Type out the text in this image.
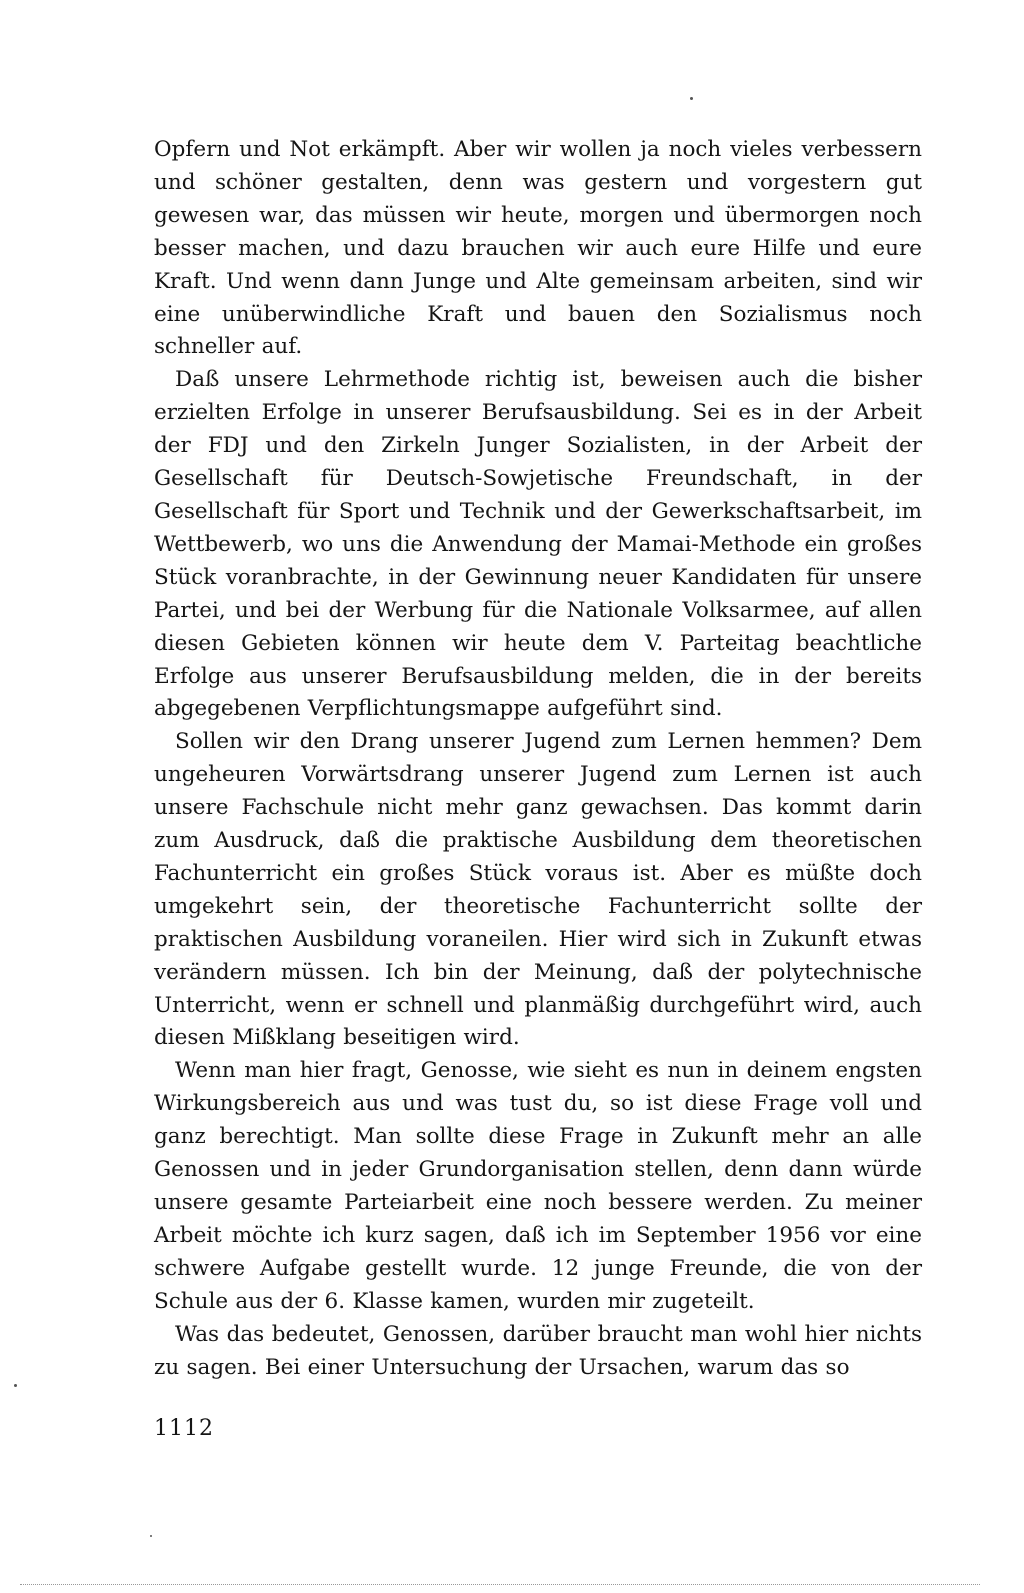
Opfern und Not erkämpft. Aber wir wollen ja noch vieles verbessern und schöner gestalten, denn was gestern und vorgestern gut gewesen war, das müssen wir heute, morgen und übermorgen noch besser machen, und dazu brauchen wir auch eure Hilfe und eure Kraft. Und wenn dann Junge und Alte gemeinsam arbeiten, sind wir eine unüberwindliche Kraft und bauen den Sozialismus noch schneller auf.

Daß unsere Lehrmethode richtig ist, beweisen auch die bisher erzielten Erfolge in unserer Berufsausbildung. Sei es in der Arbeit der FDJ und den Zirkeln Junger Sozialisten, in der Arbeit der Gesellschaft für Deutsch-Sowjetische Freundschaft, in der Gesellschaft für Sport und Technik und der Gewerkschaftsarbeit, im Wettbewerb, wo uns die Anwendung der Mamai-Methode ein großes Stück voranbrachte, in der Gewinnung neuer Kandidaten für unsere Partei, und bei der Werbung für die Nationale Volksarmee, auf allen diesen Gebieten können wir heute dem V. Parteitag beachtliche Erfolge aus unserer Berufsausbildung melden, die in der bereits abgegebenen Verpflichtungsmappe aufgeführt sind.

Sollen wir den Drang unserer Jugend zum Lernen hemmen? Dem ungeheuren Vorwärtsdrang unserer Jugend zum Lernen ist auch unsere Fachschule nicht mehr ganz gewachsen. Das kommt darin zum Ausdruck, daß die praktische Ausbildung dem theoretischen Fachunterricht ein großes Stück voraus ist. Aber es müßte doch umgekehrt sein, der theoretische Fachunterricht sollte der praktischen Ausbildung voraneilen. Hier wird sich in Zukunft etwas verändern müssen. Ich bin der Meinung, daß der polytechnische Unterricht, wenn er schnell und planmäßig durchgeführt wird, auch diesen Mißklang beseitigen wird.

Wenn man hier fragt, Genosse, wie sieht es nun in deinem engsten Wirkungsbereich aus und was tust du, so ist diese Frage voll und ganz berechtigt. Man sollte diese Frage in Zukunft mehr an alle Genossen und in jeder Grundorganisation stellen, denn dann würde unsere gesamte Parteiarbeit eine noch bessere werden. Zu meiner Arbeit möchte ich kurz sagen, daß ich im September 1956 vor eine schwere Aufgabe gestellt wurde. 12 junge Freunde, die von der Schule aus der 6. Klasse kamen, wurden mir zugeteilt.

Was das bedeutet, Genossen, darüber braucht man wohl hier nichts zu sagen. Bei einer Untersuchung der Ursachen, warum das so

1112
